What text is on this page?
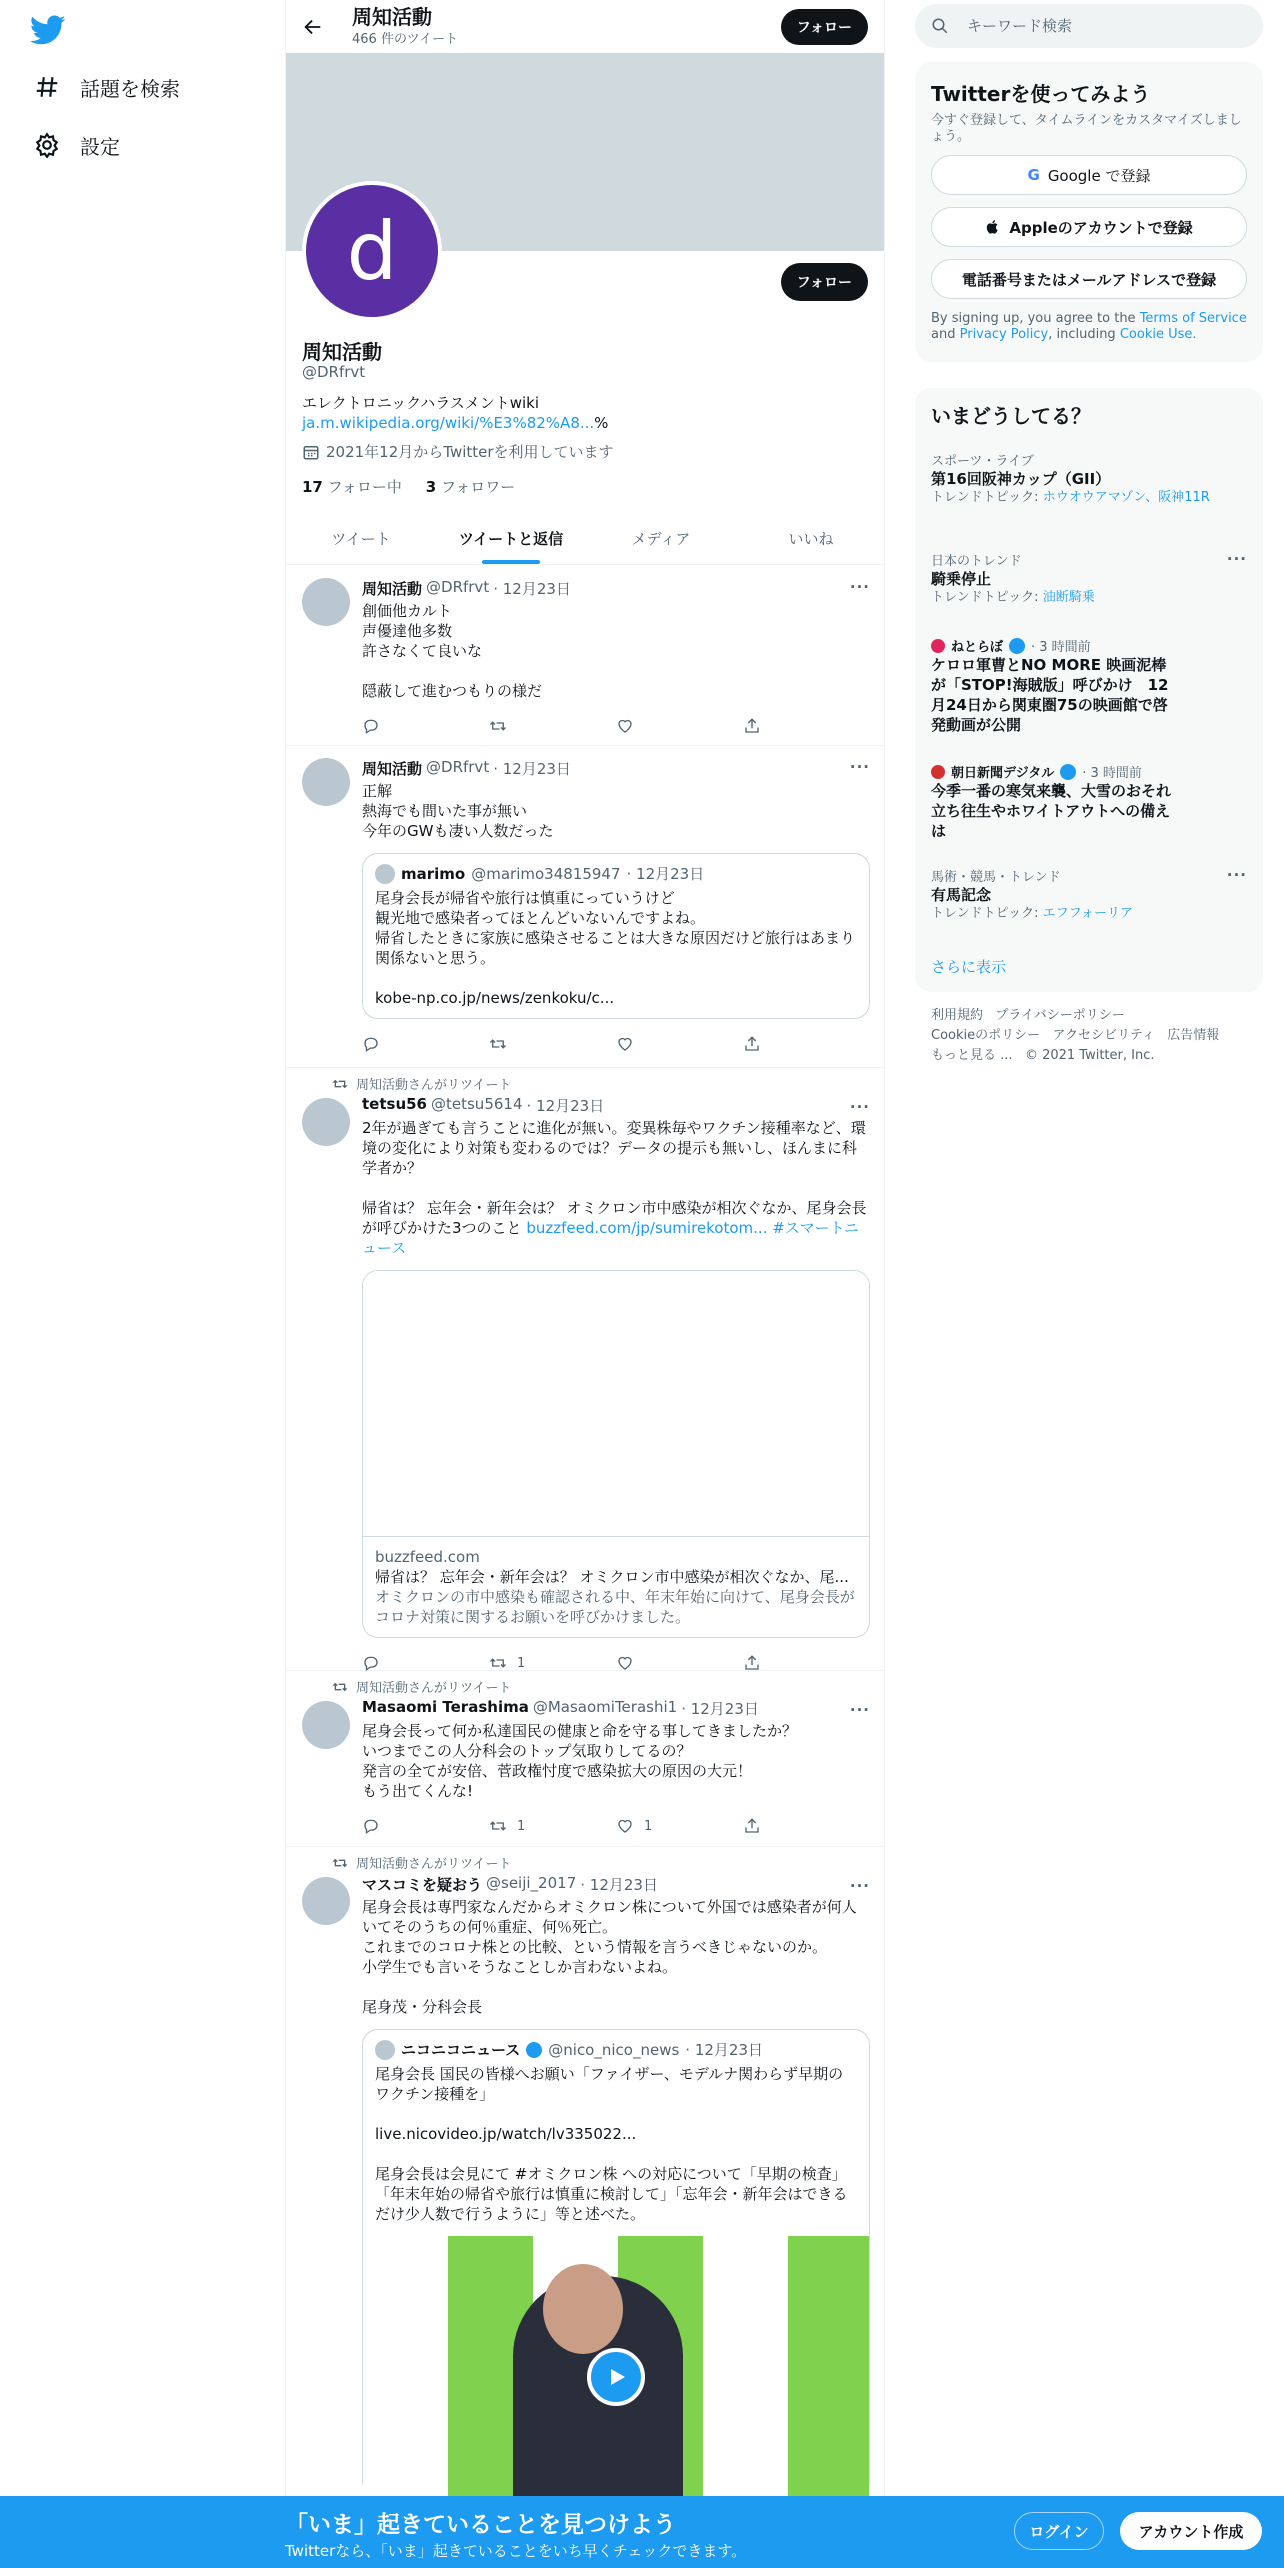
話題を検索
設定
周知活動
466 件のツイート
フォロー
d	フォロー
周知活動
@DRfrvt
エレクトロニックハラスメントwiki
ja.m.wikipedia.org/wiki/%E3%82%A8...%
2021年12月からTwitterを利用しています
17 フォロー中 3 フォロワー
ツイート	ツイートと返信	メディア	いいね
周知活動 @DRfrvt · 12月23日	···
創価他カルト
声優達他多数
許さなくて良いな

隠蔽して進むつもりの様だ
周知活動 @DRfrvt · 12月23日	···
正解
熱海でも間いた事が無い
今年のGWも凄い人数だった
marimo @marimo34815947 · 12月23日
尾身会長が帰省や旅行は慎重にっていうけど
観光地で感染者ってほとんどいないんですよね。
帰省したときに家族に感染させることは大きな原因だけど旅行はあまり関係ないと思う。

kobe-np.co.jp/news/zenkoku/c...
周知活動さんがリツイート
tetsu56 @tetsu5614 · 12月23日	···
2年が過ぎても言うことに進化が無い。変異株毎やワクチン接種率など、環境の変化により対策も変わるのでは？データの提示も無いし、ほんまに科学者か？

帰省は？ 忘年会・新年会は？ オミクロン市中感染が相次ぐなか、尾身会長が呼びかけた3つのこと buzzfeed.com/jp/sumirekotom... #スマートニュース
buzzfeed.com
帰省は？ 忘年会・新年会は？ オミクロン市中感染が相次ぐなか、尾...
オミクロンの市中感染も確認される中、年末年始に向けて、尾身会長がコロナ対策に関するお願いを呼びかけました。
1
周知活動さんがリツイート
Masaomi Terashima @MasaomiTerashi1 · 12月23日	···
尾身会長って何か私達国民の健康と命を守る事してきましたか？
いつまでこの人分科会のトップ気取りしてるの？
発言の全てが安倍、菅政権忖度で感染拡大の原因の大元！
もう出てくんな!
1	1
周知活動さんがリツイート
マスコミを疑おう @seiji_2017 · 12月23日	···
尾身会長は専門家なんだからオミクロン株について外国では感染者が何人いてそのうちの何％重症、何％死亡。
これまでのコロナ株との比較、という情報を言うべきじゃないのか。
小学生でも言いそうなことしか言わないよね。

尾身茂・分科会長
ニコニコニュース @nico_nico_news · 12月23日
尾身会長 国民の皆様へお願い「ファイザー、モデルナ関わらず早期のワクチン接種を」

live.nicovideo.jp/watch/lv335022...

尾身会長は会見にて #オミクロン株 への対応について「早期の検査」「年末年始の帰省や旅行は慎重に検討して」「忘年会・新年会はできるだけ少人数で行うように」等と述べた。
キーワード検索
Twitterを使ってみよう
今すぐ登録して、タイムラインをカスタマイズしましょう。
G Google で登録
Appleのアカウントで登録
電話番号またはメールアドレスで登録
By signing up, you agree to the Terms of Service and Privacy Policy, including Cookie Use.
いまどうしてる？
スポーツ・ライブ
第16回阪神カップ（GII）
トレンドトピック: ホウオウアマゾン、阪神11R
日本のトレンド
騎乗停止
トレンドトピック: 油断騎乗
···
ねとらぼ · 3 時間前
ケロロ軍曹とNO MORE 映画泥棒が「STOP!海賊版」呼びかけ　12月24日から関東圏75の映画館で啓発動画が公開
朝日新聞デジタル · 3 時間前
今季一番の寒気来襲、大雪のおそれ　立ち往生やホワイトアウトへの備えは
馬術・競馬・トレンド
有馬記念
トレンドトピック: エフフォーリア
···
さらに表示
利用規約 プライバシーポリシー
Cookieのポリシー アクセシビリティ 広告情報
もっと見る ... © 2021 Twitter, Inc.
「いま」起きていることを見つけよう
Twitterなら、「いま」起きていることをいち早くチェックできます。
ログイン	アカウント作成
